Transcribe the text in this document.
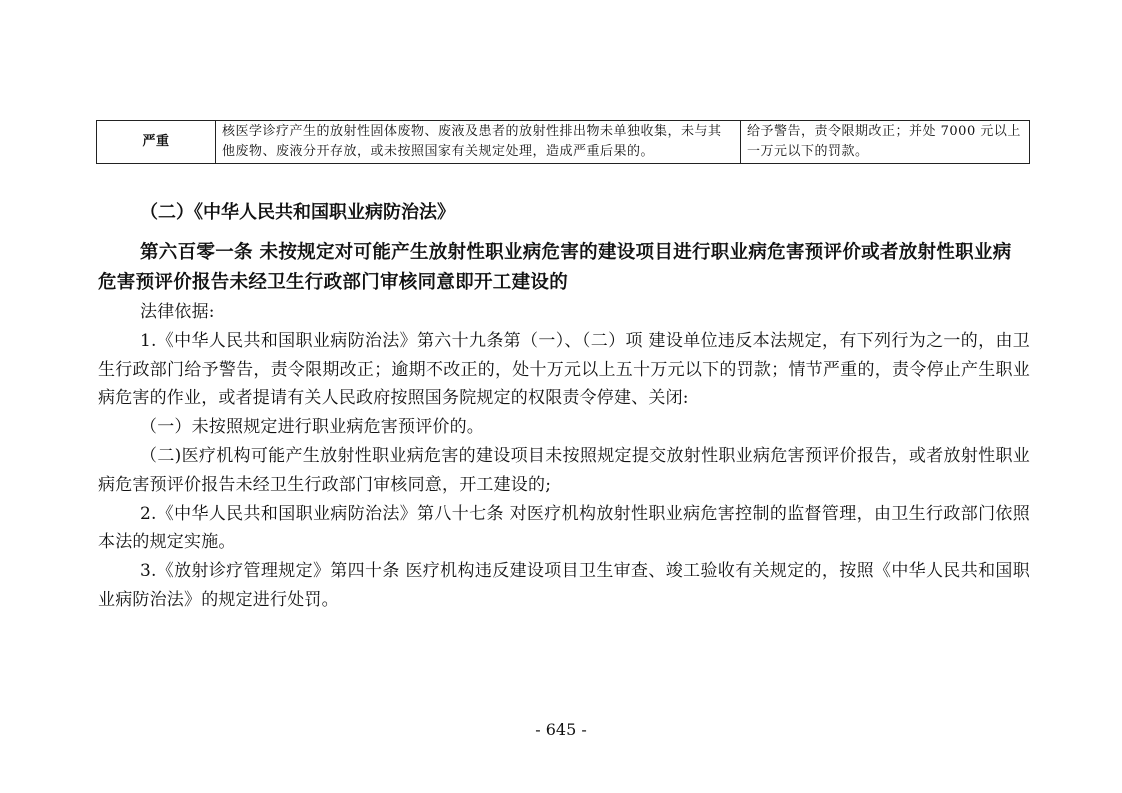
严重	核医学诊疗产生的放射性固体废物、废液及患者的放射性排出物未单独收集，未与其他废物、废液分开存放，或未按照国家有关规定处理，造成严重后果的。	给予警告，责令限期改正；并处 7000 元以上一万元以下的罚款。
（二）《中华人民共和国职业病防治法》
第六百零一条 未按规定对可能产生放射性职业病危害的建设项目进行职业病危害预评价或者放射性职业病危害预评价报告未经卫生行政部门审核同意即开工建设的

法律依据:

1.《中华人民共和国职业病防治法》第六十九条第（一）、（二）项 建设单位违反本法规定，有下列行为之一的，由卫生行政部门给予警告，责令限期改正；逾期不改正的，处十万元以上五十万元以下的罚款；情节严重的，责令停止产生职业病危害的作业，或者提请有关人民政府按照国务院规定的权限责令停建、关闭:

（一）未按照规定进行职业病危害预评价的。

（二)医疗机构可能产生放射性职业病危害的建设项目未按照规定提交放射性职业病危害预评价报告，或者放射性职业病危害预评价报告未经卫生行政部门审核同意，开工建设的;

2.《中华人民共和国职业病防治法》第八十七条 对医疗机构放射性职业病危害控制的监督管理，由卫生行政部门依照本法的规定实施。

3.《放射诊疗管理规定》第四十条 医疗机构违反建设项目卫生审查、竣工验收有关规定的，按照《中华人民共和国职业病防治法》的规定进行处罚。

- 645 -
